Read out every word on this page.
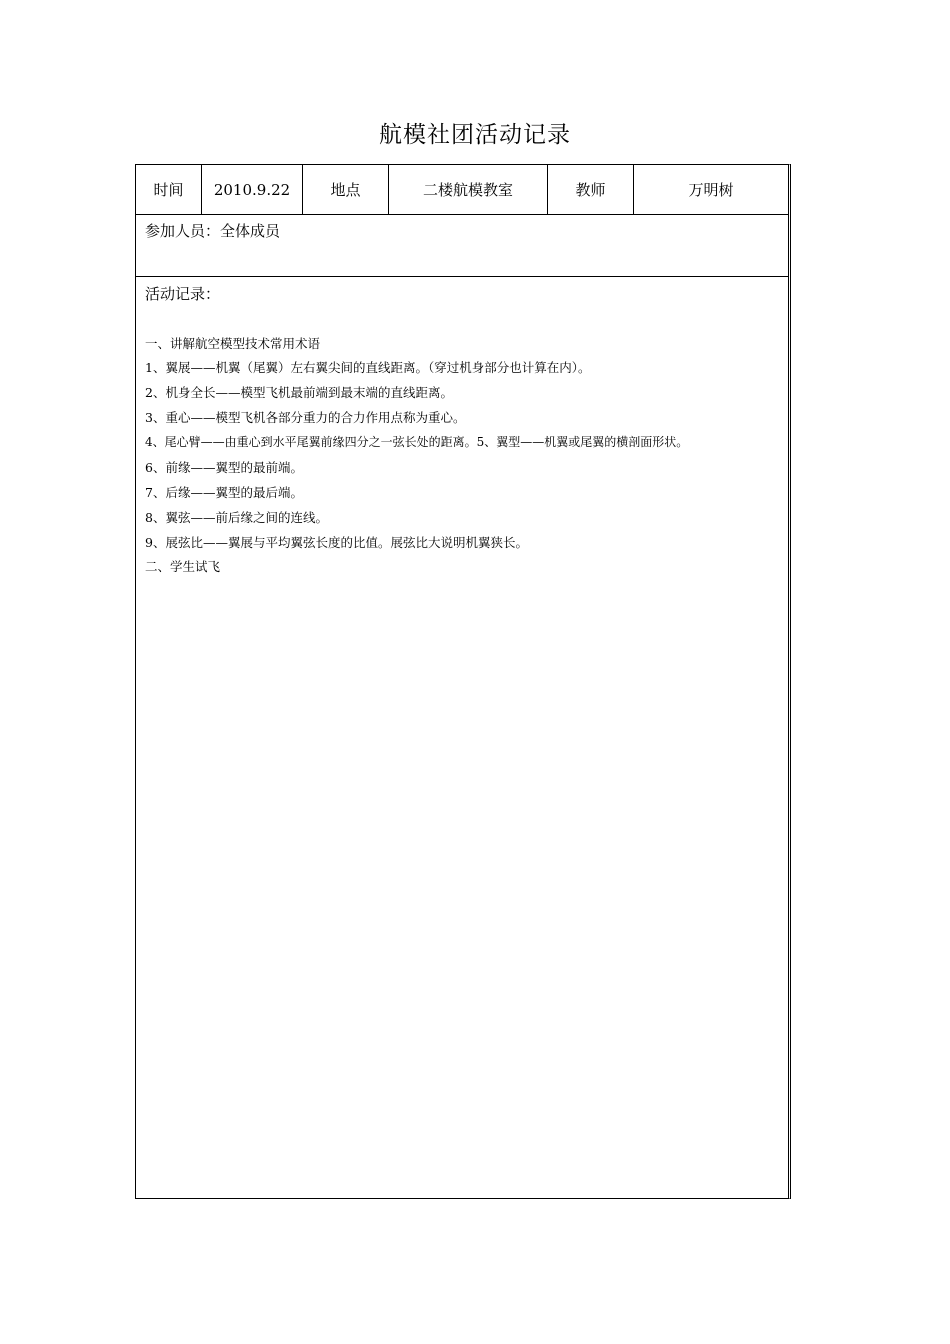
航模社团活动记录
时间	2010.9.22	地点	二楼航模教室	教师	万明树
参加人员：全体成员
活动记录：
一、讲解航空模型技术常用术语
1、翼展——机翼（尾翼）左右翼尖间的直线距离。（穿过机身部分也计算在内）。
2、机身全长——模型飞机最前端到最末端的直线距离。
3、重心——模型飞机各部分重力的合力作用点称为重心。
4、尾心臂——由重心到水平尾翼前缘四分之一弦长处的距离。5、翼型——机翼或尾翼的横剖面形状。
6、前缘——翼型的最前端。
7、后缘——翼型的最后端。
8、翼弦——前后缘之间的连线。
9、展弦比——翼展与平均翼弦长度的比值。展弦比大说明机翼狭长。
二、学生试飞
